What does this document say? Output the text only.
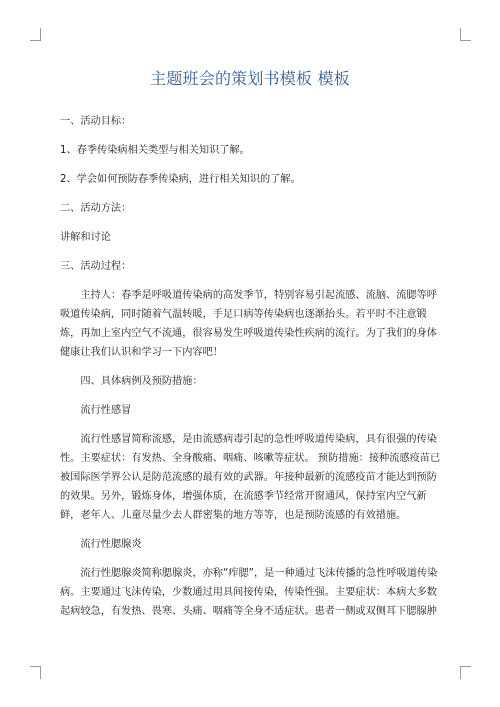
主题班会的策划书模板 模板

一、活动目标：

1、春季传染病相关类型与相关知识了解。

2、学会如何预防春季传染病，进行相关知识的了解。

二、活动方法：

讲解和讨论

三、活动过程：

主持人：春季是呼吸道传染病的高发季节，特别容易引起流感、流脑、流腮等呼吸道传染病，同时随着气温转暖，手足口病等传染病也逐渐抬头。若平时不注意锻炼，再加上室内空气不流通，很容易发生呼吸道传染性疾病的流行。为了我们的身体健康让我们认识和学习一下内容吧！

四、具体病例及预防措施：

流行性感冒

流行性感冒简称流感，是由流感病毒引起的急性呼吸道传染病，具有很强的传染性。主要症状：有发热、全身酸痛、咽痛、咳嗽等症状。 预防措施：接种流感疫苗已被国际医学界公认是防范流感的最有效的武器。年接种最新的流感疫苗才能达到预防的效果。另外，锻炼身体，增强体质，在流感季节经常开窗通风，保持室内空气新鲜，老年人、儿童尽量少去人群密集的地方等等，也是预防流感的有效措施。

流行性腮腺炎

流行性腮腺炎简称腮腺炎，亦称“痄腮”，是一种通过飞沫传播的急性呼吸道传染病。主要通过飞沫传染，少数通过用具间接传染，传染性强。主要症状：本病大多数起病较急，有发热、畏寒、头痛、咽痛等全身不适症状。患者一侧或双侧耳下腮腺肿
